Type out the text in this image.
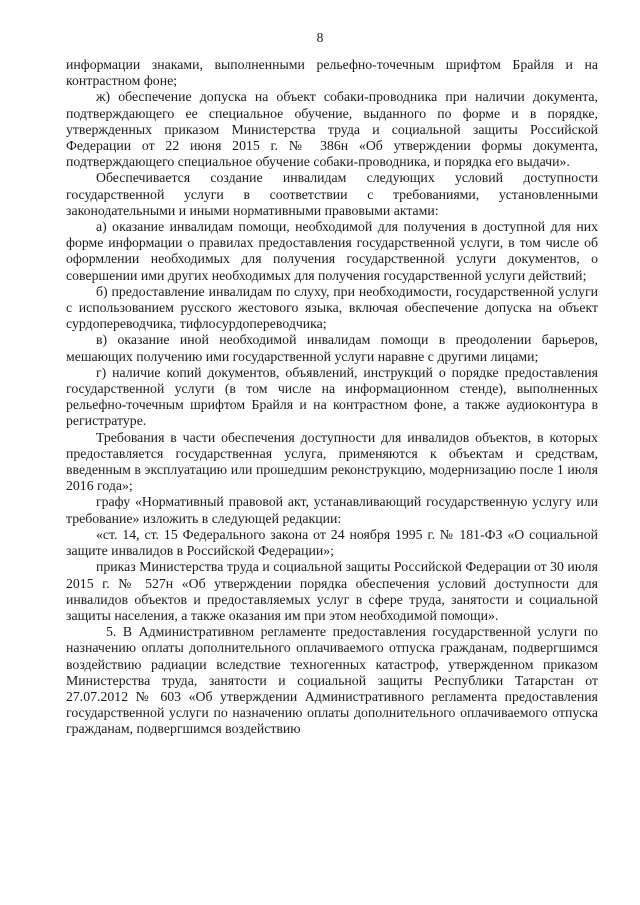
8

информации знаками, выполненными рельефно-точечным шрифтом Брайля и на контрастном фоне;

ж) обеспечение допуска на объект собаки-проводника при наличии документа, подтверждающего ее специальное обучение, выданного по форме и в порядке, утвержденных приказом Министерства труда и социальной защиты Российской Федерации от 22 июня 2015 г. № 386н «Об утверждении формы документа, подтверждающего специальное обучение собаки-проводника, и порядка его выдачи».

Обеспечивается создание инвалидам следующих условий доступности государственной услуги в соответствии с требованиями, установленными законодательными и иными нормативными правовыми актами:

а) оказание инвалидам помощи, необходимой для получения в доступной для них форме информации о правилах предоставления государственной услуги, в том числе об оформлении необходимых для получения государственной услуги документов, о совершении ими других необходимых для получения государственной услуги действий;

б) предоставление инвалидам по слуху, при необходимости, государственной услуги с использованием русского жестового языка, включая обеспечение допуска на объект сурдопереводчика, тифлосурдопереводчика;

в) оказание иной необходимой инвалидам помощи в преодолении барьеров, мешающих получению ими государственной услуги наравне с другими лицами;

г) наличие копий документов, объявлений, инструкций о порядке предоставления государственной услуги (в том числе на информационном стенде), выполненных рельефно-точечным шрифтом Брайля и на контрастном фоне, а также аудиоконтура в регистратуре.

Требования в части обеспечения доступности для инвалидов объектов, в которых предоставляется государственная услуга, применяются к объектам и средствам, введенным в эксплуатацию или прошедшим реконструкцию, модернизацию после 1 июля 2016 года»;

графу «Нормативный правовой акт, устанавливающий государственную услугу или требование» изложить в следующей редакции:

«ст. 14, ст. 15 Федерального закона от 24 ноября 1995 г. № 181-ФЗ «О социальной защите инвалидов в Российской Федерации»;

приказ Министерства труда и социальной защиты Российской Федерации от 30 июля 2015 г. № 527н «Об утверждении порядка обеспечения условий доступности для инвалидов объектов и предоставляемых услуг в сфере труда, занятости и социальной защиты населения, а также оказания им при этом необходимой помощи».

5. В Административном регламенте предоставления государственной услуги по назначению оплаты дополнительного оплачиваемого отпуска гражданам, подвергшимся воздействию радиации вследствие техногенных катастроф, утвержденном приказом Министерства труда, занятости и социальной защиты Республики Татарстан от 27.07.2012 № 603 «Об утверждении Административного регламента предоставления государственной услуги по назначению оплаты дополнительного оплачиваемого отпуска гражданам, подвергшимся воздействию
